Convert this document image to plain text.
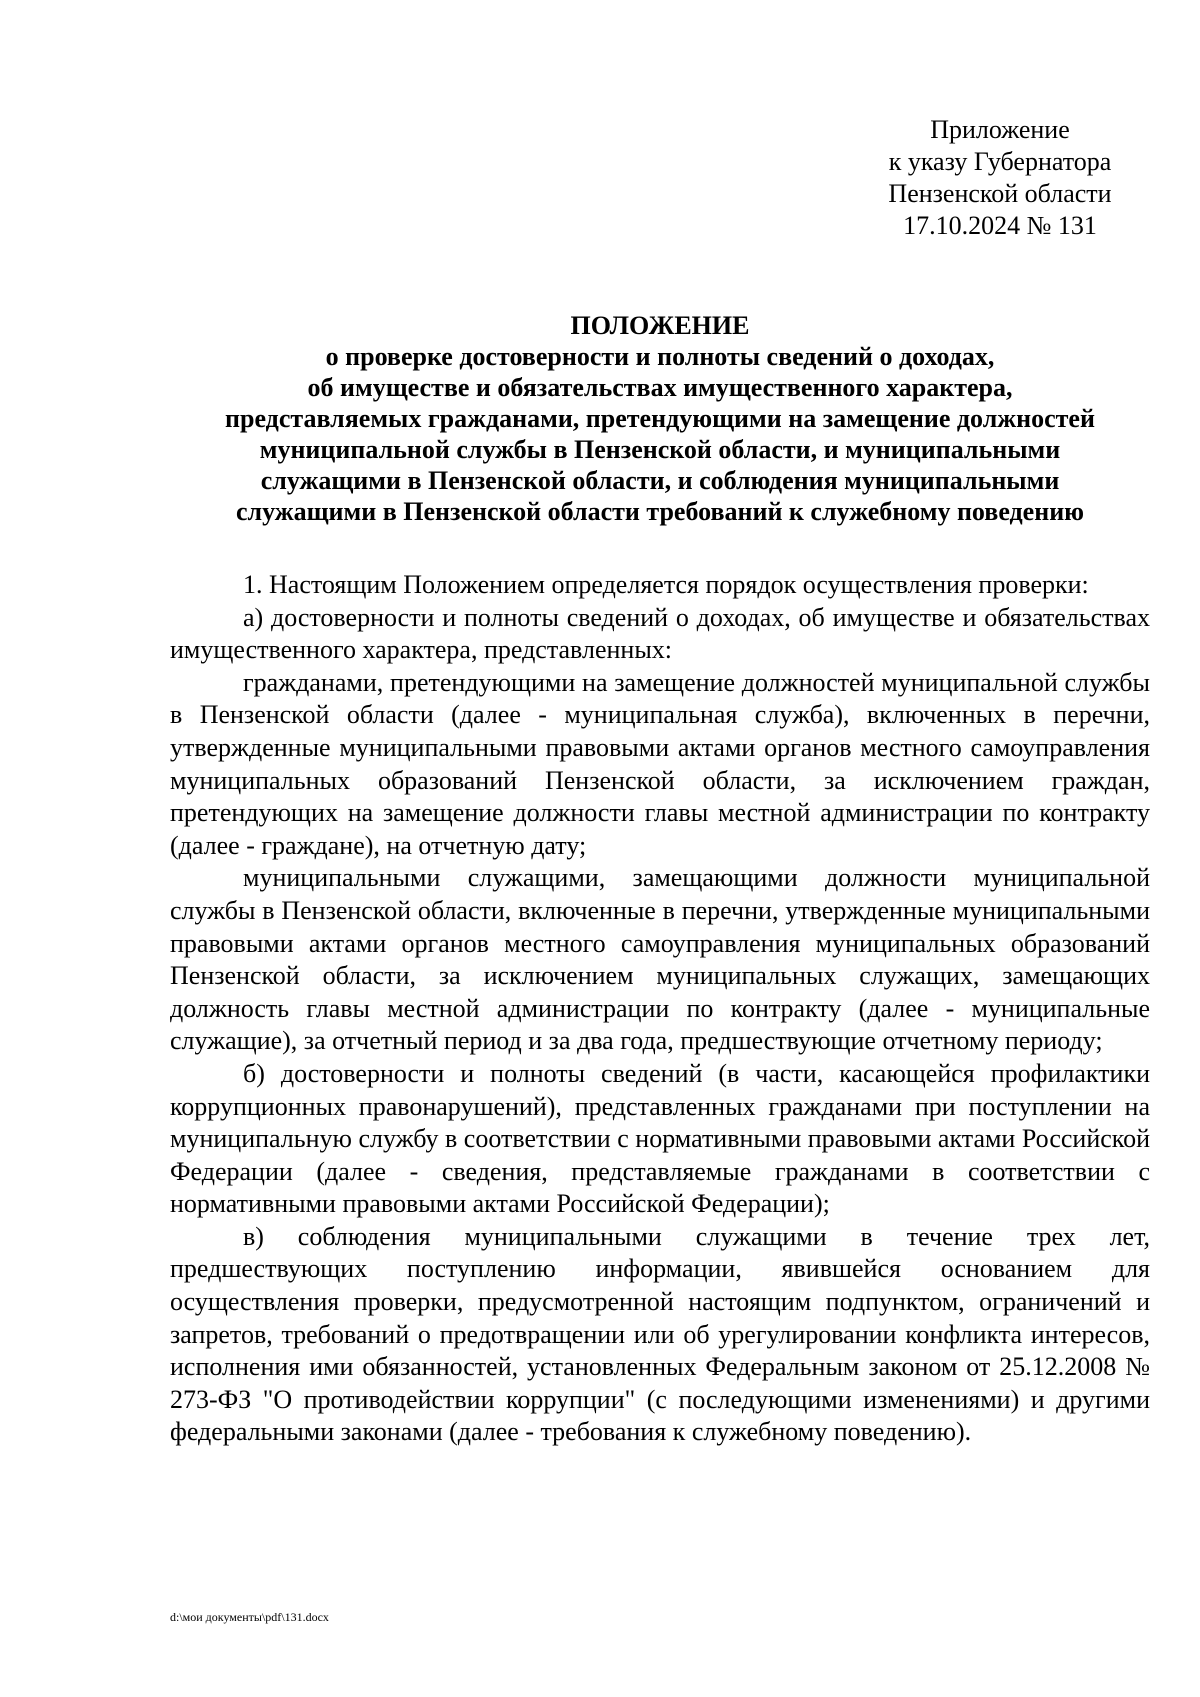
Приложение
к указу Губернатора
Пензенской области
17.10.2024 № 131
ПОЛОЖЕНИЕ
о проверке достоверности и полноты сведений о доходах,
об имуществе и обязательствах имущественного характера,
представляемых гражданами, претендующими на замещение должностей
муниципальной службы в Пензенской области, и муниципальными
служащими в Пензенской области, и соблюдения муниципальными
служащими в Пензенской области требований к служебному поведению

1. Настоящим Положением определяется порядок осуществления проверки:

а) достоверности и полноты сведений о доходах, об имуществе и обязательствах имущественного характера, представленных:

гражданами, претендующими на замещение должностей муниципальной службы в Пензенской области (далее - муниципальная служба), включенных в перечни, утвержденные муниципальными правовыми актами органов местного самоуправления муниципальных образований Пензенской области, за исключением граждан, претендующих на замещение должности главы местной администрации по контракту (далее - граждане), на отчетную дату;

муниципальными служащими, замещающими должности муниципальной службы в Пензенской области, включенные в перечни, утвержденные муниципальными правовыми актами органов местного самоуправления муниципальных образований Пензенской области, за исключением муниципальных служащих, замещающих должность главы местной администрации по контракту (далее - муниципальные служащие), за отчетный период и за два года, предшествующие отчетному периоду;

б) достоверности и полноты сведений (в части, касающейся профилактики коррупционных правонарушений), представленных гражданами при поступлении на муниципальную службу в соответствии с нормативными правовыми актами Российской Федерации (далее - сведения, представляемые гражданами в соответствии с нормативными правовыми актами Российской Федерации);

в) соблюдения муниципальными служащими в течение трех лет, предшествующих поступлению информации, явившейся основанием для осуществления проверки, предусмотренной настоящим подпунктом, ограничений и запретов, требований о предотвращении или об урегулировании конфликта интересов, исполнения ими обязанностей, установленных Федеральным законом от 25.12.2008 № 273-ФЗ "О противодействии коррупции" (с последующими изменениями) и другими федеральными законами (далее - требования к служебному поведению).

d:\мои документы\pdf\131.docx
